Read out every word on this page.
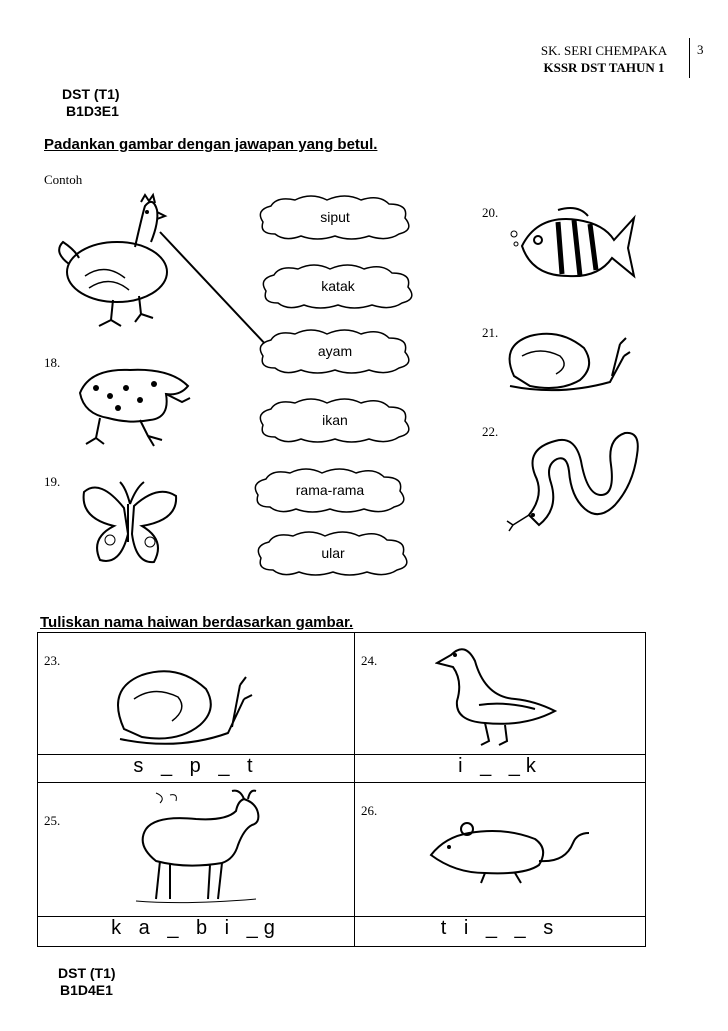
SK. SERI CHEMPAKA
KSSR DST TAHUN 1
3
DST (T1)
B1D3E1
Padankan gambar dengan jawapan yang betul.
Contoh
18.
19.
siput
katak
ayam
ikan
rama-rama
ular
20.
21.
22.
Tuliskan nama haiwan berdasarkan gambar.
23.	24.

s _ p _ t	i _ _k

25.	26.

k a _ b i _g	t i _ _ s
DST (T1)
B1D4E1
